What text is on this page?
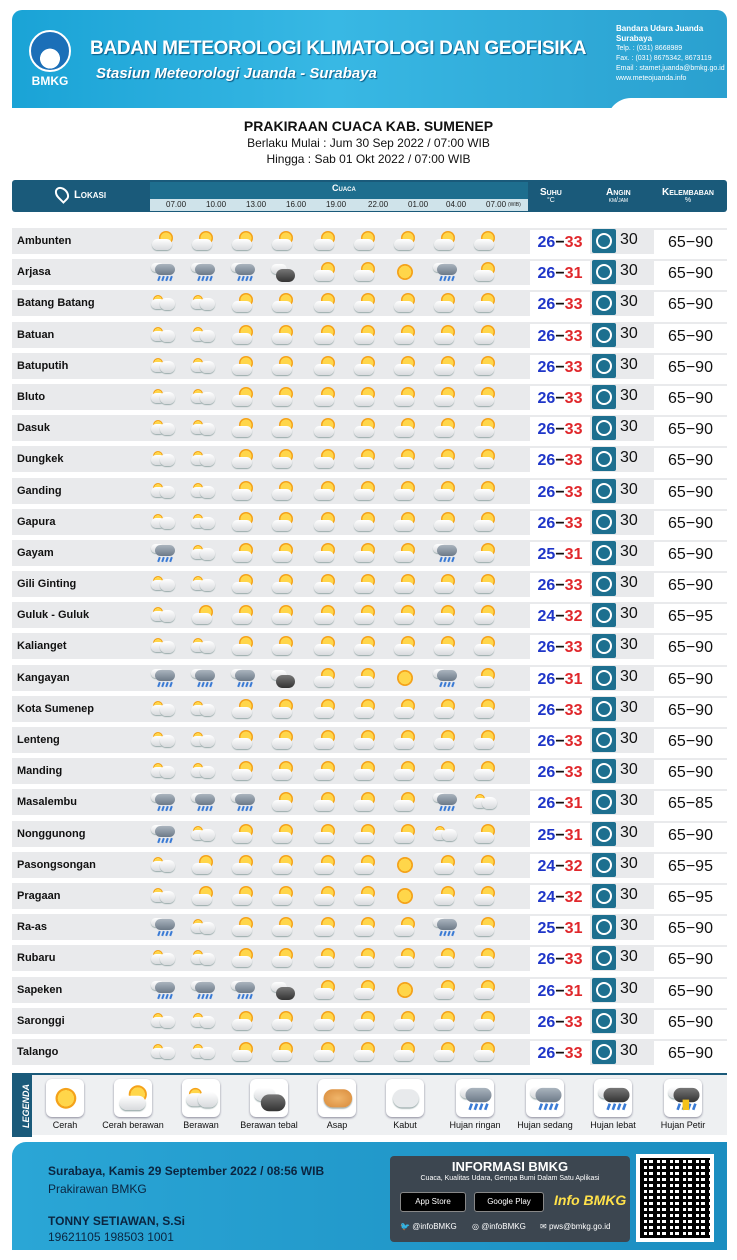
BMKG
BADAN METEOROLOGI KLIMATOLOGI DAN GEOFISIKA
Stasiun Meteorologi Juanda - Surabaya
Bandara Udara Juanda Surabaya
Telp. : (031) 8668989
Fax. : (031) 8675342, 8673119
Email : stamet.juanda@bmkg.go.id
www.meteojuanda.info
PRAKIRAAN CUACA KAB. SUMENEP
Berlaku Mulai : Jum 30 Sep 2022 / 07:00 WIB
Hingga : Sab 01 Okt 2022 / 07:00 WIB
Lokasi
Cuaca
07.00 10.00 13.00 16.00 19.00	22.00 01.00 04.00 07.00 (WIB)
Suhu
°C
Angin
km/jam
Kelembaban
%
Ambunten	26−33	30	65−90
Arjasa	26−31	30	65−90
Batang Batang	26−33	30	65−90
Batuan	26−33	30	65−90
Batuputih	26−33	30	65−90
Bluto	26−33	30	65−90
Dasuk	26−33	30	65−90
Dungkek	26−33	30	65−90
Ganding	26−33	30	65−90
Gapura	26−33	30	65−90
Gayam	25−31	30	65−90
Gili Ginting	26−33	30	65−90
Guluk - Guluk	24−32	30	65−95
Kalianget	26−33	30	65−90
Kangayan	26−31	30	65−90
Kota Sumenep	26−33	30	65−90
Lenteng	26−33	30	65−90
Manding	26−33	30	65−90
Masalembu	26−31	30	65−85
Nonggunong	25−31	30	65−90
Pasongsongan	24−32	30	65−95
Pragaan	24−32	30	65−95
Ra-as	25−31	30	65−90
Rubaru	26−33	30	65−90
Sapeken	26−31	30	65−90
Saronggi	26−33	30	65−90
Talango	26−33	30	65−90
LEGENDA	Cerah	Cerah berawan	Berawan	Berawan tebal	Asap	Kabut	Hujan ringan	Hujan sedang	Hujan lebat	Hujan Petir
Surabaya, Kamis 29 September 2022 / 08:56 WIB
Prakirawan BMKG
TONNY SETIAWAN, S.Si
19621105 198503 1001
INFORMASI BMKG
Cuaca, Kualitas Udara, Gempa Bumi Dalam Satu Aplikasi
App Store	Google Play	Info BMKG
🐦 @infoBMKG ◎ @infoBMKG ✉ pws@bmkg.go.id
